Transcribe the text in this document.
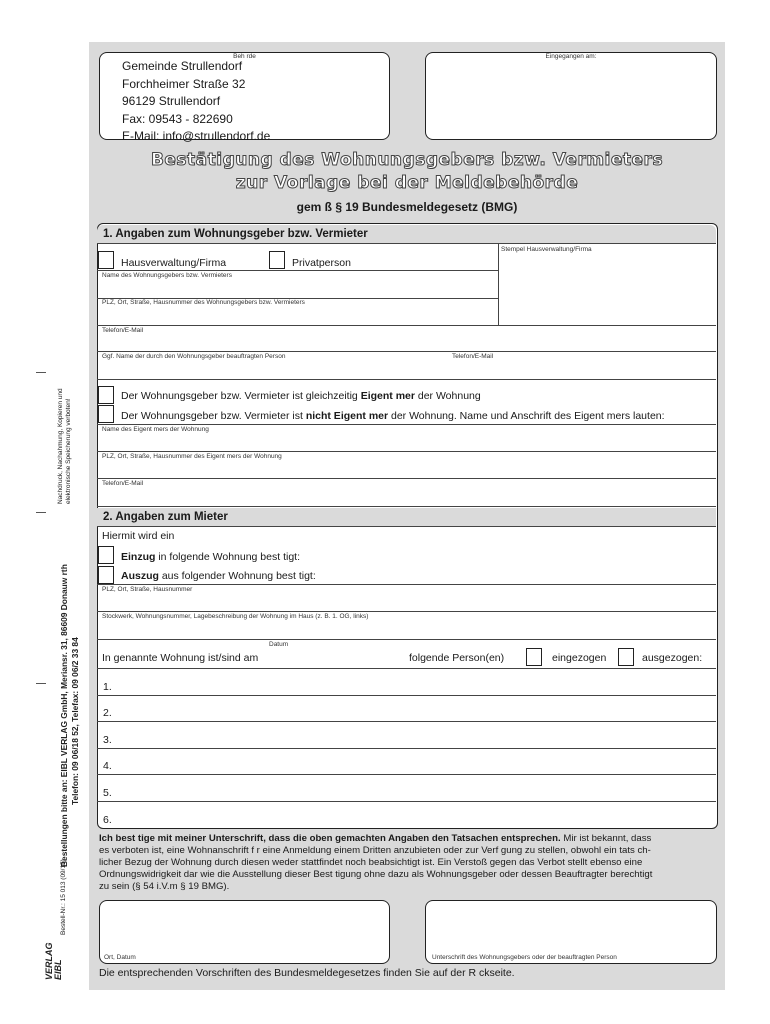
Nachdruck, Nachahmung, Kopieren und elektronische Speicherung verboten!
Bestellungen bitte an: EIBL VERLAG GmbH, Meriansr. 31, 86609 Donauw rth Telefon: 09 06/18 52, Telefax: 09 06/2 33 84
Bestell-Nr.: 15 013 (09/15)
VERLAG EIBL
Beh rde
Gemeinde Strullendorf
Forchheimer Straße 32
96129 Strullendorf
Fax: 09543 - 822690
E-Mail: info@strullendorf.de
Eingegangen am:
Bestätigung des Wohnungsgebers bzw. Vermieters
zur Vorlage bei der Meldebehörde
gem ß § 19 Bundesmeldegesetz (BMG)
1. Angaben zum Wohnungsgeber bzw. Vermieter
Stempel Hausverwaltung/Firma
Hausverwaltung/Firma	Privatperson
Name des Wohnungsgebers bzw. Vermieters
PLZ, Ort, Straße, Hausnummer des Wohnungsgebers bzw. Vermieters
Telefon/E-Mail
Ggf. Name der durch den Wohnungsgeber beauftragten Person	Telefon/E-Mail
Der Wohnungsgeber bzw. Vermieter ist gleichzeitig Eigent mer der Wohnung
Der Wohnungsgeber bzw. Vermieter ist nicht Eigent mer der Wohnung. Name und Anschrift des Eigent mers lauten:
Name des Eigent mers der Wohnung
PLZ, Ort, Straße, Hausnummer des Eigent mers der Wohnung
Telefon/E-Mail
2. Angaben zum Mieter
Hiermit wird ein
Einzug in folgende Wohnung best tigt:
Auszug aus folgender Wohnung best tigt:
PLZ, Ort, Straße, Hausnummer
Stockwerk, Wohnungsnummer, Lagebeschreibung der Wohnung im Haus (z. B. 1. OG, links)
Datum
In genannte Wohnung ist/sind am	folgende Person(en)	eingezogen	ausgezogen:
1.
2.
3.
4.
5.
6.
Ich best tige mit meiner Unterschrift, dass die oben gemachten Angaben den Tatsachen entsprechen. Mir ist bekannt, dass
es verboten ist, eine Wohnanschrift f r eine Anmeldung einem Dritten anzubieten oder zur Verf gung zu stellen, obwohl ein tats ch-
licher Bezug der Wohnung durch diesen weder stattfindet noch beabsichtigt ist. Ein Verstoß gegen das Verbot stellt ebenso eine
Ordnungswidrigkeit dar wie die Ausstellung dieser Best tigung ohne dazu als Wohnungsgeber oder dessen Beauftragter berechtigt
zu sein (§ 54 i.V.m § 19 BMG).
Ort, Datum	Unterschrift des Wohnungsgebers oder der beauftragten Person
Die entsprechenden Vorschriften des Bundesmeldegesetzes finden Sie auf der R ckseite.
